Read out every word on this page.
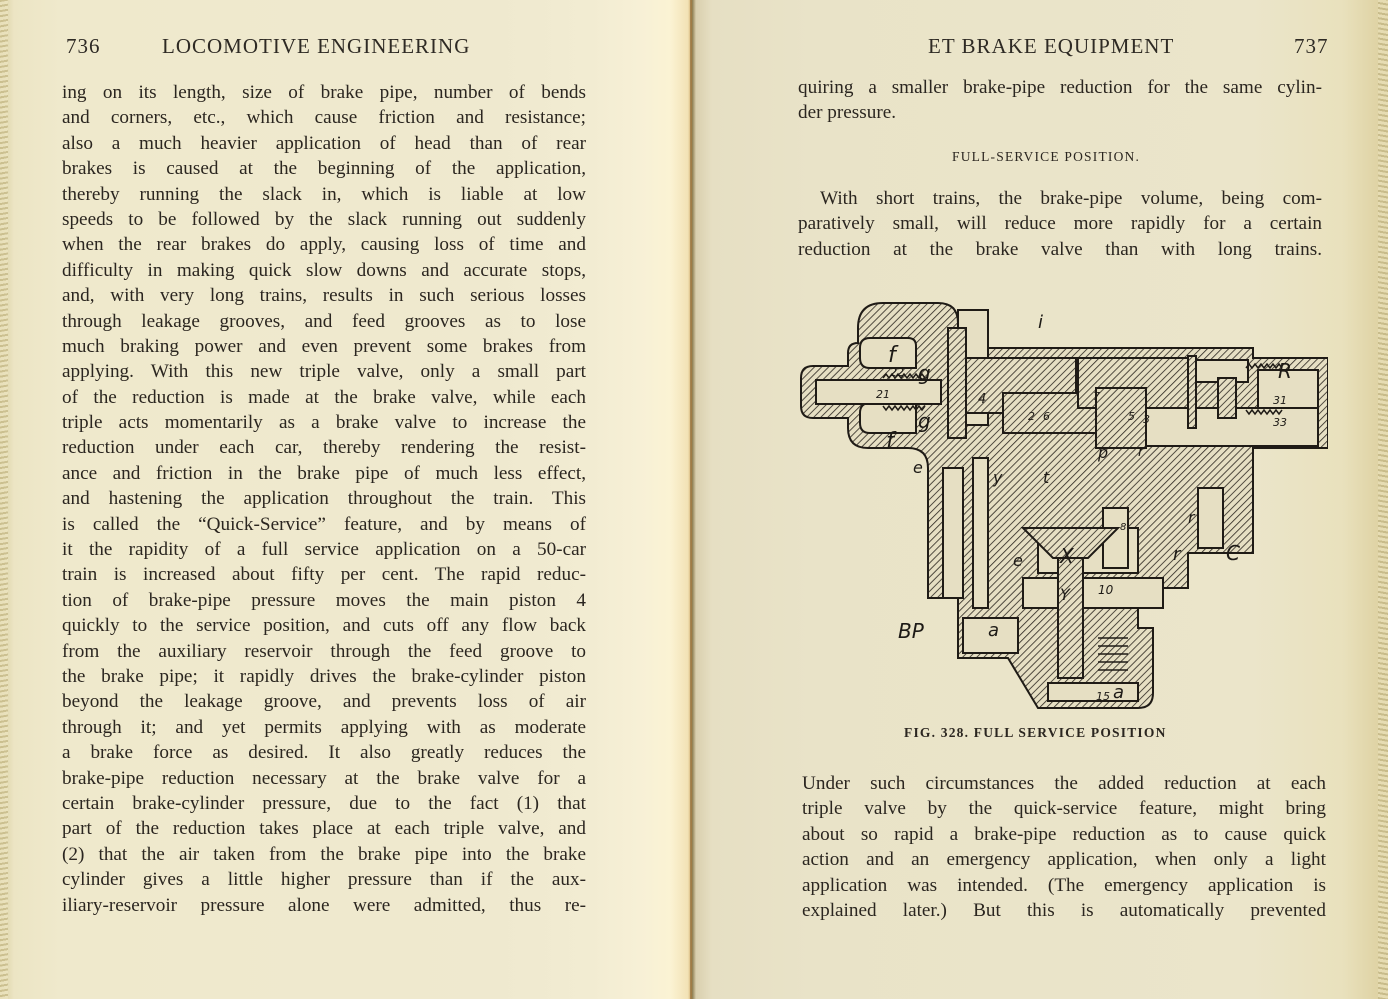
736	LOCOMOTIVE ENGINEERING
ing on its length, size of brake pipe, number of bends
and corners, etc., which cause friction and resistance;
also a much heavier application of head than of rear
brakes is caused at the beginning of the application,
thereby running the slack in, which is liable at low
speeds to be followed by the slack running out suddenly
when the rear brakes do apply, causing loss of time and
difficulty in making quick slow downs and accurate stops,
and, with very long trains, results in such serious losses
through leakage grooves, and feed grooves as to lose
much braking power and even prevent some brakes from
applying. With this new triple valve, only a small part
of the reduction is made at the brake valve, while each
triple acts momentarily as a brake valve to increase the
reduction under each car, thereby rendering the resist-
ance and friction in the brake pipe of much less effect,
and hastening the application throughout the train. This
is called the “Quick-Service” feature, and by means of
it the rapidity of a full service application on a 50-car
train is increased about fifty per cent. The rapid reduc-
tion of brake-pipe pressure moves the main piston 4
quickly to the service position, and cuts off any flow back
from the auxiliary reservoir through the feed groove to
the brake pipe; it rapidly drives the brake-cylinder piston
beyond the leakage groove, and prevents loss of air
through it; and yet permits applying with as moderate
a brake force as desired. It also greatly reduces the
brake-pipe reduction necessary at the brake valve for a
certain brake-cylinder pressure, due to the fact (1) that
part of the reduction takes place at each triple valve, and
(2) that the air taken from the brake pipe into the brake
cylinder gives a little higher pressure than if the aux-
iliary-reservoir pressure alone were admitted, thus re-
ET BRAKE EQUIPMENT	737
quiring a smaller brake-pipe reduction for the same cylin-
der pressure.
FULL-SERVICE POSITION.
With short trains, the brake-pipe volume, being com-
paratively small, will reduce more rapidly for a certain
reduction at the brake valve than with long trains.
FIG. 328. FULL SERVICE POSITION
Under such circumstances the added reduction at each
triple valve by the quick-service feature, might bring
about so rapid a brake-pipe reduction as to cause quick
action and an emergency application, when only a light
application was intended. (The emergency application is
explained later.) But this is automatically prevented
f
f
g
g
22
21	4
i
R
31
33
3
5
7
2 6
p r
r
r
y	t
e
e
8
X
Y 10
15
C
BP	a
a
